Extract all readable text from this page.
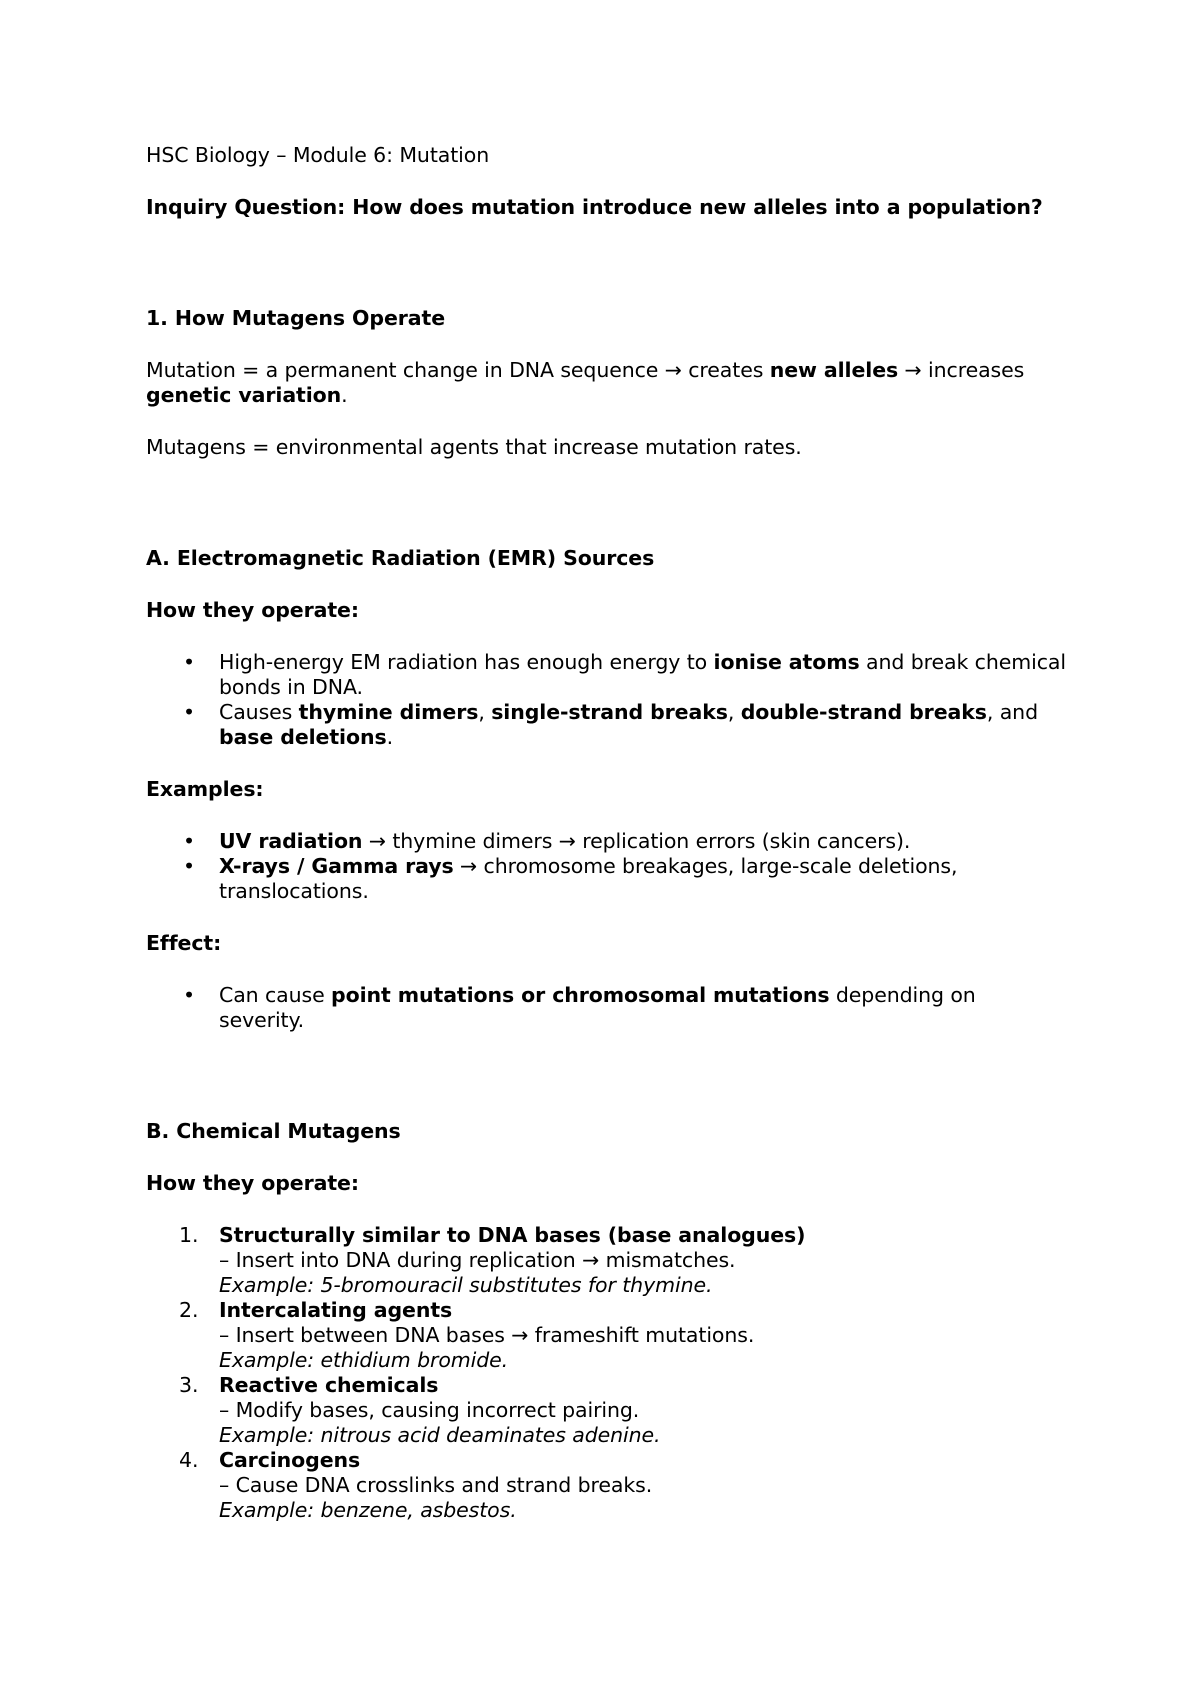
HSC Biology – Module 6: Mutation

Inquiry Question: How does mutation introduce new alleles into a population?

1. How Mutagens Operate

Mutation = a permanent change in DNA sequence → creates new alleles → increases genetic variation.

Mutagens = environmental agents that increase mutation rates.

A. Electromagnetic Radiation (EMR) Sources

How they operate:

• High-energy EM radiation has enough energy to ionise atoms and break chemical bonds in DNA.
• Causes thymine dimers, single-strand breaks, double-strand breaks, and base deletions.

Examples:

• UV radiation → thymine dimers → replication errors (skin cancers).
• X-rays / Gamma rays → chromosome breakages, large-scale deletions, translocations.

Effect:

• Can cause point mutations or chromosomal mutations depending on severity.

B. Chemical Mutagens

How they operate:

1. Structurally similar to DNA bases (base analogues)
– Insert into DNA during replication → mismatches.
Example: 5-bromouracil substitutes for thymine.
2. Intercalating agents
– Insert between DNA bases → frameshift mutations.
Example: ethidium bromide.
3. Reactive chemicals
– Modify bases, causing incorrect pairing.
Example: nitrous acid deaminates adenine.
4. Carcinogens
– Cause DNA crosslinks and strand breaks.
Example: benzene, asbestos.
